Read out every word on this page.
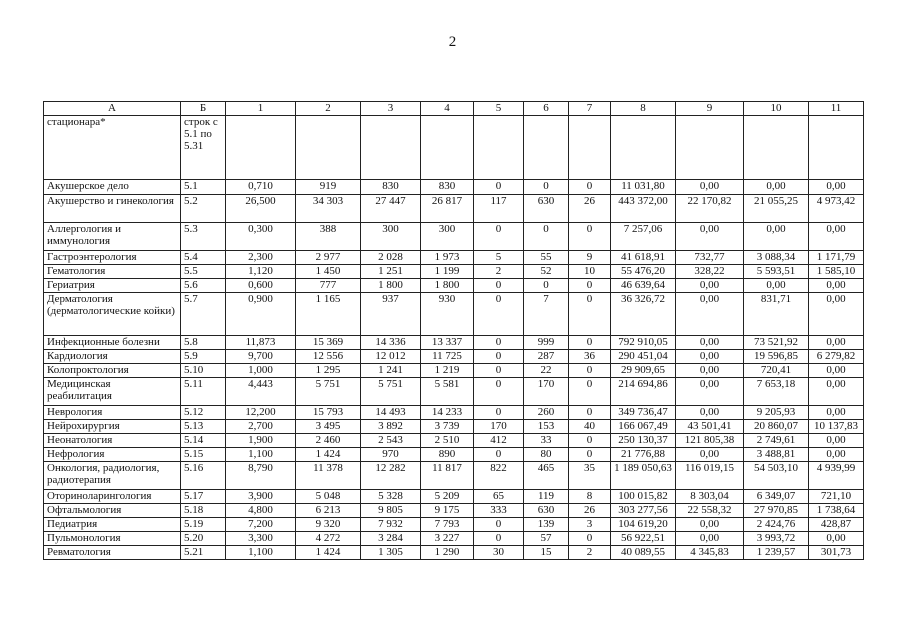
2
А	Б	1	2	3	4	5	6	7	8	9	10	11
стационара*	строк с 5.1 по 5.31											
Акушерское дело	5.1	0,710	919	830	830	0	0	0	11 031,80	0,00	0,00	0,00
Акушерство и гинекология	5.2	26,500	34 303	27 447	26 817	117	630	26	443 372,00	22 170,82	21 055,25	4 973,42
Аллергология и иммунология	5.3	0,300	388	300	300	0	0	0	7 257,06	0,00	0,00	0,00
Гастроэнтерология	5.4	2,300	2 977	2 028	1 973	5	55	9	41 618,91	732,77	3 088,34	1 171,79
Гематология	5.5	1,120	1 450	1 251	1 199	2	52	10	55 476,20	328,22	5 593,51	1 585,10
Гериатрия	5.6	0,600	777	1 800	1 800	0	0	0	46 639,64	0,00	0,00	0,00
Дерматология (дерматологические койки)	5.7	0,900	1 165	937	930	0	7	0	36 326,72	0,00	831,71	0,00
Инфекционные болезни	5.8	11,873	15 369	14 336	13 337	0	999	0	792 910,05	0,00	73 521,92	0,00
Кардиология	5.9	9,700	12 556	12 012	11 725	0	287	36	290 451,04	0,00	19 596,85	6 279,82
Колопроктология	5.10	1,000	1 295	1 241	1 219	0	22	0	29 909,65	0,00	720,41	0,00
Медицинская реабилитация	5.11	4,443	5 751	5 751	5 581	0	170	0	214 694,86	0,00	7 653,18	0,00
Неврология	5.12	12,200	15 793	14 493	14 233	0	260	0	349 736,47	0,00	9 205,93	0,00
Нейрохирургия	5.13	2,700	3 495	3 892	3 739	170	153	40	166 067,49	43 501,41	20 860,07	10 137,83
Неонатология	5.14	1,900	2 460	2 543	2 510	412	33	0	250 130,37	121 805,38	2 749,61	0,00
Нефрология	5.15	1,100	1 424	970	890	0	80	0	21 776,88	0,00	3 488,81	0,00
Онкология, радиология, радиотерапия	5.16	8,790	11 378	12 282	11 817	822	465	35	1 189 050,63	116 019,15	54 503,10	4 939,99
Оториноларингология	5.17	3,900	5 048	5 328	5 209	65	119	8	100 015,82	8 303,04	6 349,07	721,10
Офтальмология	5.18	4,800	6 213	9 805	9 175	333	630	26	303 277,56	22 558,32	27 970,85	1 738,64
Педиатрия	5.19	7,200	9 320	7 932	7 793	0	139	3	104 619,20	0,00	2 424,76	428,87
Пульмонология	5.20	3,300	4 272	3 284	3 227	0	57	0	56 922,51	0,00	3 993,72	0,00
Ревматология	5.21	1,100	1 424	1 305	1 290	30	15	2	40 089,55	4 345,83	1 239,57	301,73
